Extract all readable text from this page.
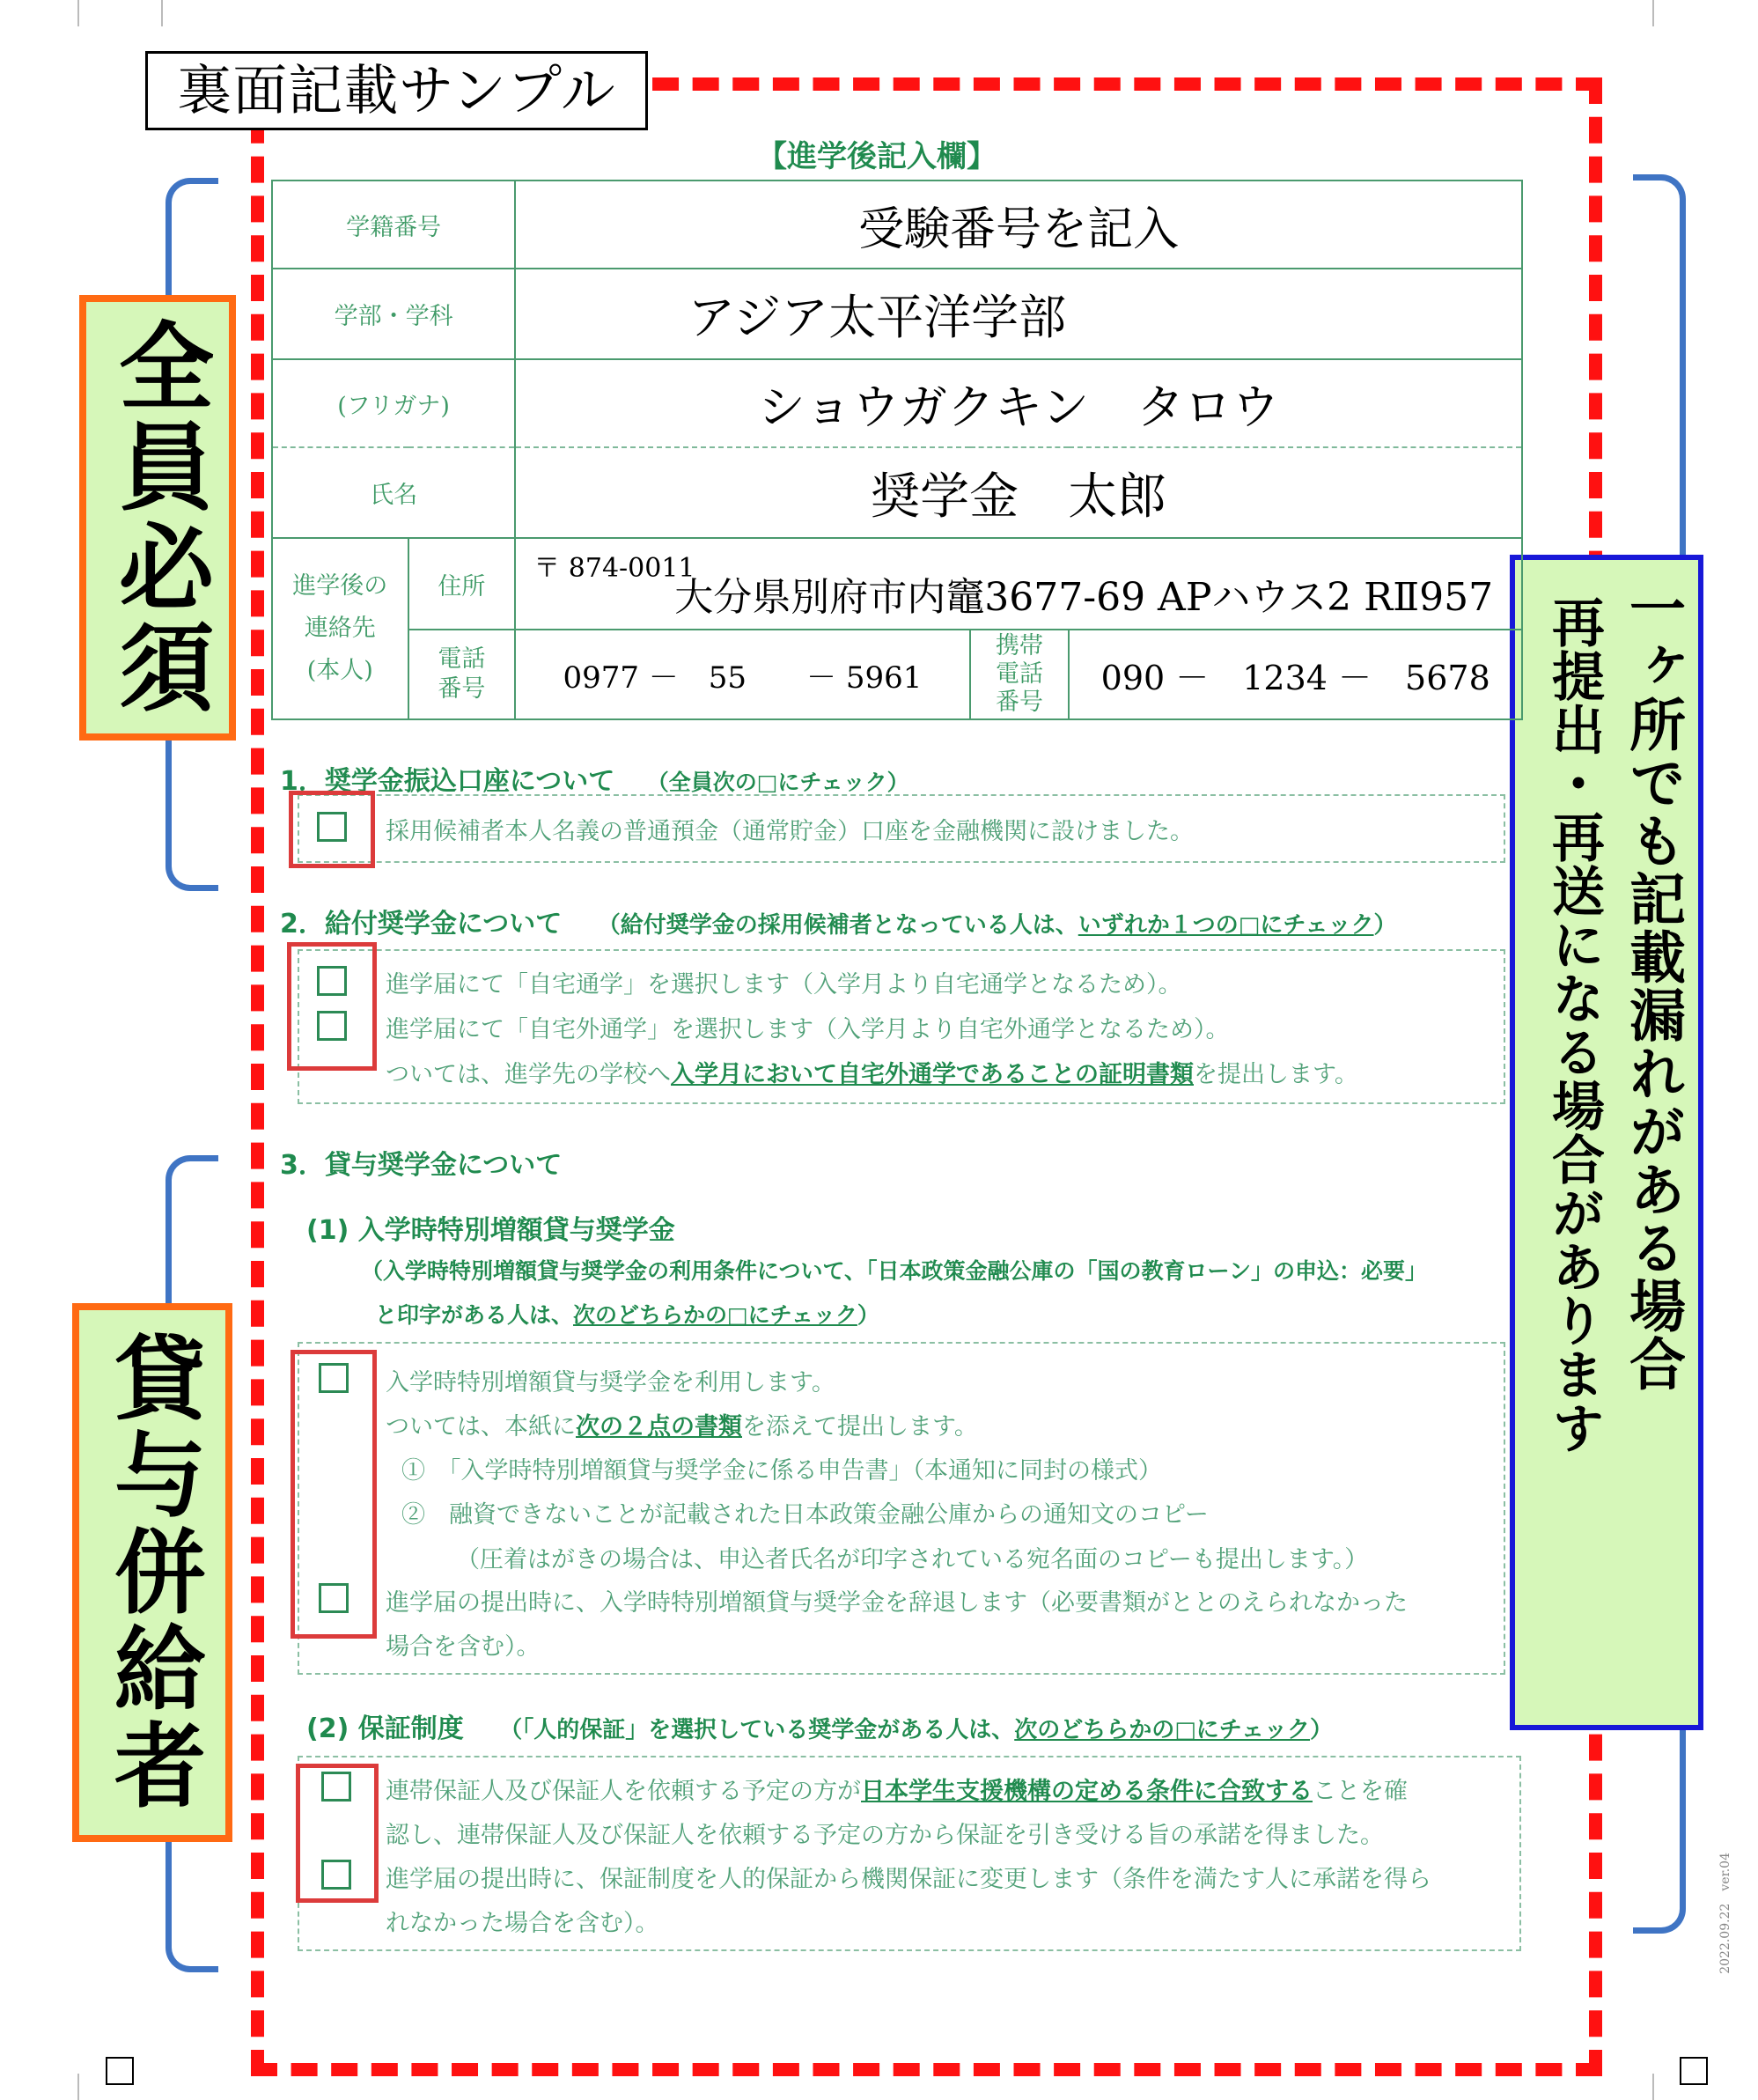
裏面記載サンプル
【進学後記入欄】
全員必須
貸与併給者
一ヶ所でも記載漏れがある場合
再提出・再送になる場合があります
学籍番号		受験番号を記入		
学部・学科		アジア太平洋学部		
(フリガナ)		ショウガクキン　タロウ		
氏名		奨学金　太郎		
進学後の連絡先(本人)	住所	〒 874-0011
大分県別府市内竈3677-69 APハウス2 RⅡ957		

	電話番号	0977 －　55　　－ 5961	携帯電話番号	090 －　1234 －　5678
1．奨学金振込口座について （全員次の□にチェック）
採用候補者本人名義の普通預金（通常貯金）口座を金融機関に設けました。
2．給付奨学金について （給付奨学金の採用候補者となっている人は、いずれか１つの□にチェック）
進学届にて「自宅通学」を選択します（入学月より自宅通学となるため）。
進学届にて「自宅外通学」を選択します（入学月より自宅外通学となるため）。
ついては、進学先の学校へ入学月において自宅外通学であることの証明書類を提出します。
3．貸与奨学金について
(1) 入学時特別増額貸与奨学金
（入学時特別増額貸与奨学金の利用条件について、「日本政策金融公庫の「国の教育ローン」の申込：必要」
と印字がある人は、次のどちらかの□にチェック）
入学時特別増額貸与奨学金を利用します。
ついては、本紙に次の２点の書類を添えて提出します。
①　「入学時特別増額貸与奨学金に係る申告書」（本通知に同封の様式）
②　融資できないことが記載された日本政策金融公庫からの通知文のコピー
（圧着はがきの場合は、申込者氏名が印字されている宛名面のコピーも提出します。）
進学届の提出時に、入学時特別増額貸与奨学金を辞退します（必要書類がととのえられなかった
場合を含む）。
(2) 保証制度 （「人的保証」を選択している奨学金がある人は、次のどちらかの□にチェック）
連帯保証人及び保証人を依頼する予定の方が日本学生支援機構の定める条件に合致することを確
認し、連帯保証人及び保証人を依頼する予定の方から保証を引き受ける旨の承諾を得ました。
進学届の提出時に、保証制度を人的保証から機関保証に変更します（条件を満たす人に承諾を得ら
れなかった場合を含む）。	2022.09.22　ver.04
